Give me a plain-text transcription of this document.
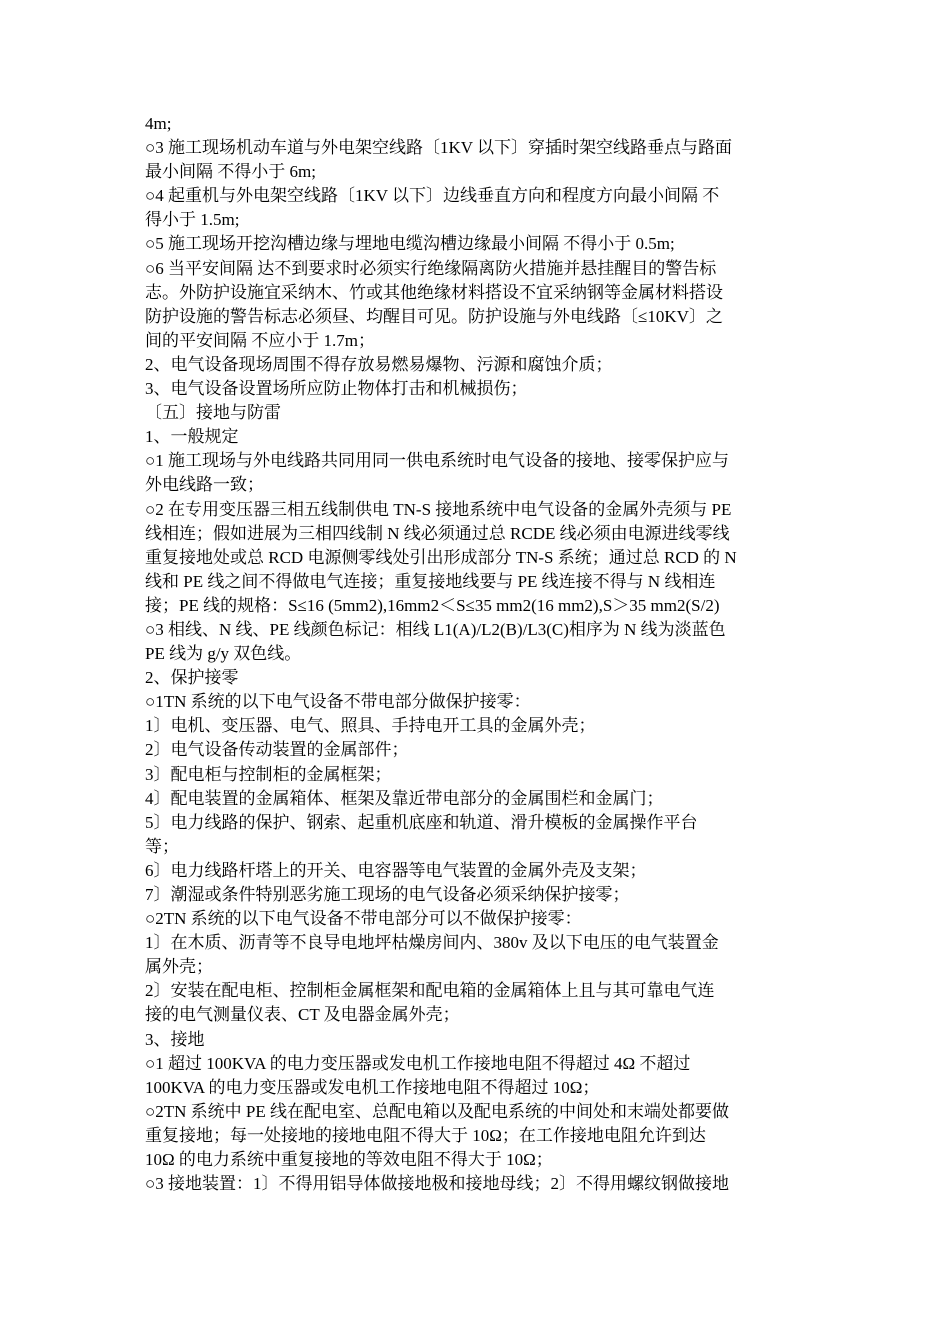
4m;
○3 施工现场机动车道与外电架空线路〔1KV 以下〕穿插时架空线路垂点与路面
最小间隔 不得小于 6m;
○4 起重机与外电架空线路〔1KV 以下〕边线垂直方向和程度方向最小间隔 不
得小于 1.5m;
○5 施工现场开挖沟槽边缘与埋地电缆沟槽边缘最小间隔 不得小于 0.5m;
○6 当平安间隔 达不到要求时必须实行绝缘隔离防火措施并悬挂醒目的警告标
志。外防护设施宜采纳木、竹或其他绝缘材料搭设不宜采纳钢等金属材料搭设
防护设施的警告标志必须昼、均醒目可见。防护设施与外电线路〔≤10KV〕之
间的平安间隔 不应小于 1.7m；
2、电气设备现场周围不得存放易燃易爆物、污源和腐蚀介质；
3、电气设备设置场所应防止物体打击和机械损伤；
〔五〕接地与防雷
1、一般规定
○1 施工现场与外电线路共同用同一供电系统时电气设备的接地、接零保护应与
外电线路一致；
○2 在专用变压器三相五线制供电 TN-S 接地系统中电气设备的金属外壳须与 PE
线相连；假如进展为三相四线制 N 线必须通过总 RCDE 线必须由电源进线零线
重复接地处或总 RCD 电源侧零线处引出形成部分 TN-S 系统；通过总 RCD 的 N
线和 PE 线之间不得做电气连接；重复接地线要与 PE 线连接不得与 N 线相连
接；PE 线的规格：S≤16 (5mm2),16mm2＜S≤35 mm2(16 mm2),S＞35 mm2(S/2)
○3 相线、N 线、PE 线颜色标记：相线 L1(A)/L2(B)/L3(C)相序为 N 线为淡蓝色
PE 线为 g/y 双色线。
2、保护接零
○1TN 系统的以下电气设备不带电部分做保护接零：
1〕电机、变压器、电气、照具、手持电开工具的金属外壳；
2〕电气设备传动装置的金属部件；
3〕配电柜与控制柜的金属框架；
4〕配电装置的金属箱体、框架及靠近带电部分的金属围栏和金属门；
5〕电力线路的保护、钢索、起重机底座和轨道、滑升模板的金属操作平台
等；
6〕电力线路杆塔上的开关、电容器等电气装置的金属外壳及支架；
7〕潮湿或条件特别恶劣施工现场的电气设备必须采纳保护接零；
○2TN 系统的以下电气设备不带电部分可以不做保护接零：
1〕在木质、沥青等不良导电地坪枯燥房间内、380v 及以下电压的电气装置金
属外壳；
2〕安装在配电柜、控制柜金属框架和配电箱的金属箱体上且与其可靠电气连
接的电气测量仪表、CT 及电器金属外壳；
3、接地
○1 超过 100KVA 的电力变压器或发电机工作接地电阻不得超过 4Ω 不超过
100KVA 的电力变压器或发电机工作接地电阻不得超过 10Ω；
○2TN 系统中 PE 线在配电室、总配电箱以及配电系统的中间处和末端处都要做
重复接地；每一处接地的接地电阻不得大于 10Ω；在工作接地电阻允许到达
10Ω 的电力系统中重复接地的等效电阻不得大于 10Ω；
○3 接地装置：1〕不得用铝导体做接地极和接地母线；2〕不得用螺纹钢做接地
